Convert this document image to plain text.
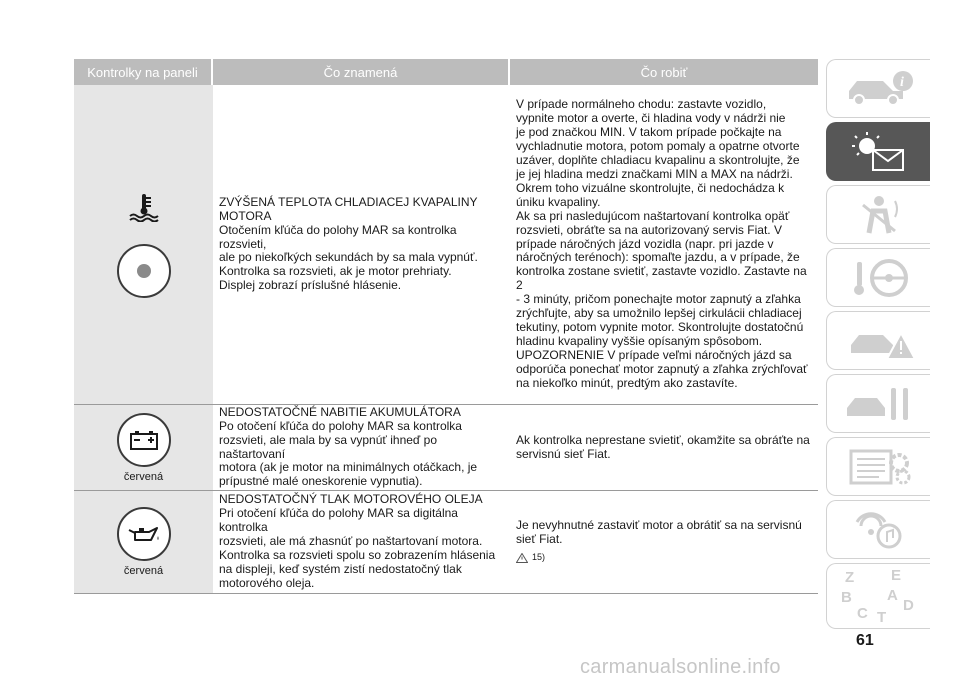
Kontrolky na paneli	Čo znamená	Čo robiť
ZVÝŠENÁ TEPLOTA CHLADIACEJ KVAPALINY
MOTORA
Otočením kľúča do polohy MAR sa kontrolka rozsvieti,
ale po niekoľkých sekundách by sa mala vypnúť.
Kontrolka sa rozsvieti, ak je motor prehriaty.
Displej zobrazí príslušné hlásenie.
V prípade normálneho chodu: zastavte vozidlo,
vypnite motor a overte, či hladina vody v nádrži nie
je pod značkou MIN. V takom prípade počkajte na
vychladnutie motora, potom pomaly a opatrne otvorte
uzáver, doplňte chladiacu kvapalinu a skontrolujte, že
je jej hladina medzi značkami MIN a MAX na nádrži.
Okrem toho vizuálne skontrolujte, či nedochádza k
úniku kvapaliny.
Ak sa pri nasledujúcom naštartovaní kontrolka opäť
rozsvieti, obráťte sa na autorizovaný servis Fiat. V
prípade náročných jázd vozidla (napr. pri jazde v
náročných terénoch): spomaľte jazdu, a v prípade, že
kontrolka zostane svietiť, zastavte vozidlo. Zastavte na 2
- 3 minúty, pričom ponechajte motor zapnutý a zľahka
zrýchľujte, aby sa umožnilo lepšej cirkulácii chladiacej
tekutiny, potom vypnite motor. Skontrolujte dostatočnú
hladinu kvapaliny vyššie opísaným spôsobom.
UPOZORNENIE V prípade veľmi náročných jázd sa
odporúča ponechať motor zapnutý a zľahka zrýchľovať
na niekoľko minút, predtým ako zastavíte.
červená
NEDOSTATOČNÉ NABITIE AKUMULÁTORA
Po otočení kľúča do polohy MAR sa kontrolka
rozsvieti, ale mala by sa vypnúť ihneď po naštartovaní
motora (ak je motor na minimálnych otáčkach, je
prípustné malé oneskorenie vypnutia).
Ak kontrolka neprestane svietiť, okamžite sa obráťte na
servisnú sieť Fiat.
červená
NEDOSTATOČNÝ TLAK MOTOROVÉHO OLEJA
Pri otočení kľúča do polohy MAR sa digitálna kontrolka
rozsvieti, ale má zhasnúť po naštartovaní motora.
Kontrolka sa rozsvieti spolu so zobrazením hlásenia
na displeji, keď systém zistí nedostatočný tlak
motorového oleja.
Je nevyhnutné zastaviť motor a obrátiť sa na servisnú
sieť Fiat.
15)
i
Z E
B A
C T
D
61
carmanualsonline.info
